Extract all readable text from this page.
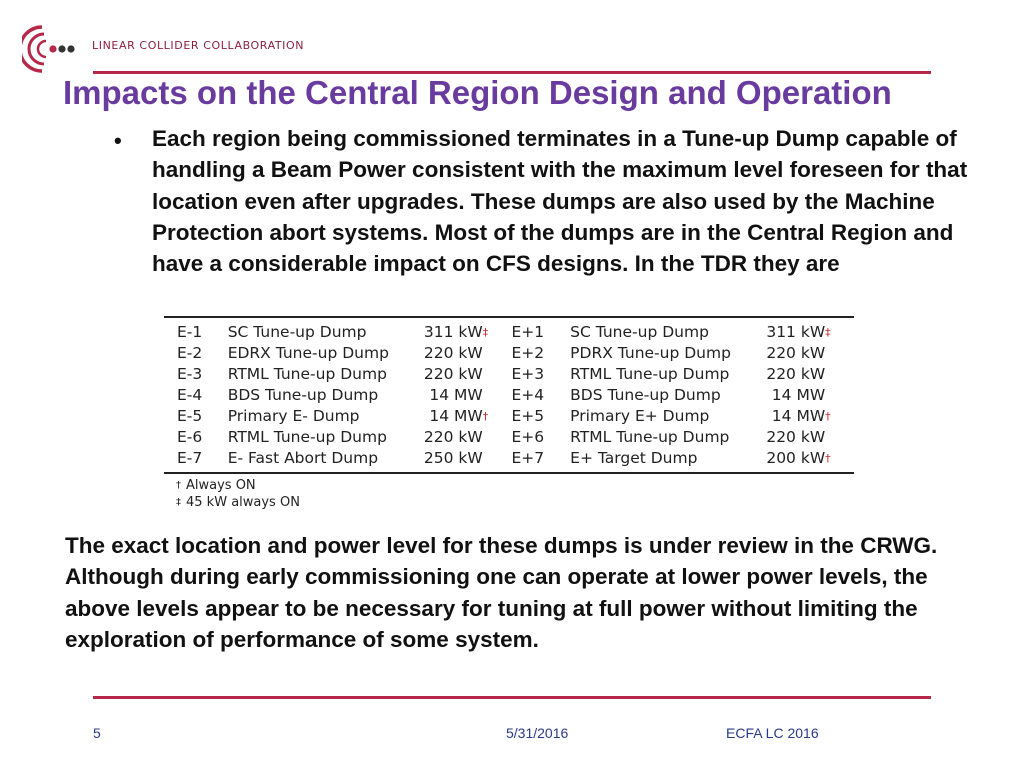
LINEAR COLLIDER COLLABORATION
Impacts on the Central Region Design and Operation
• Each region being commissioned terminates in a Tune-up Dump capable of handling a Beam Power consistent with the maximum level foreseen for that location even after upgrades. These dumps are also used by the Machine Protection abort systems. Most of the dumps are in the Central Region and have a considerable impact on CFS designs. In the TDR they are

E-1	SC Tune-up Dump	311 kW	‡	E+1	SC Tune-up Dump	311 kW	‡
E-2	EDRX Tune-up Dump	220 kW		E+2	PDRX Tune-up Dump	220 kW	
E-3	RTML Tune-up Dump	220 kW		E+3	RTML Tune-up Dump	220 kW	
E-4	BDS Tune-up Dump	14 MW		E+4	BDS Tune-up Dump	14 MW	
E-5	Primary E- Dump	14 MW	†	E+5	Primary E+ Dump	14 MW	†
E-6	RTML Tune-up Dump	220 kW		E+6	RTML Tune-up Dump	220 kW	
E-7	E- Fast Abort Dump	250 kW		E+7	E+ Target Dump	200 kW	†
† Always ON
‡ 45 kW always ON

The exact location and power level for these dumps is under review in the CRWG. Although during early commissioning one can operate at lower power levels, the above levels appear to be necessary for tuning at full power without limiting the exploration of performance of some system.

5	5/31/2016	ECFA LC 2016
